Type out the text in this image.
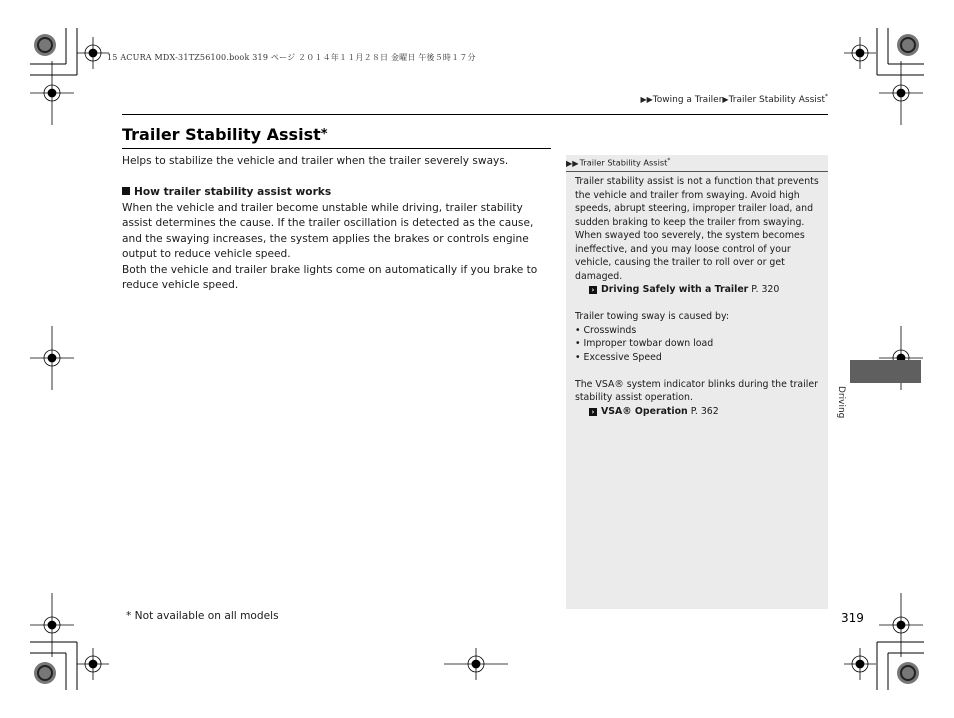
15 ACURA MDX-31TZ56100.book 319 ページ ２０１４年１１月２８日 金曜日 午後５時１７分
▶▶Towing a Trailer▶Trailer Stability Assist*
Trailer Stability Assist*

Helps to stabilize the vehicle and trailer when the trailer severely sways.

How trailer stability assist works

When the vehicle and trailer become unstable while driving, trailer stability assist determines the cause. If the trailer oscillation is detected as the cause, and the swaying increases, the system applies the brakes or controls engine output to reduce vehicle speed.

Both the vehicle and trailer brake lights come on automatically if you brake to reduce vehicle speed.

▶▶Trailer Stability Assist*

Trailer stability assist is not a function that prevents the vehicle and trailer from swaying. Avoid high speeds, abrupt steering, improper trailer load, and sudden braking to keep the trailer from swaying. When swayed too severely, the system becomes ineffective, and you may loose control of your vehicle, causing the trailer to roll over or get damaged.

› Driving Safely with a Trailer P. 320

Trailer towing sway is caused by:

• Crosswinds

• Improper towbar down load

• Excessive Speed

The VSA® system indicator blinks during the trailer stability assist operation.

› VSA® Operation P. 362	Driving
* Not available on all models	319
